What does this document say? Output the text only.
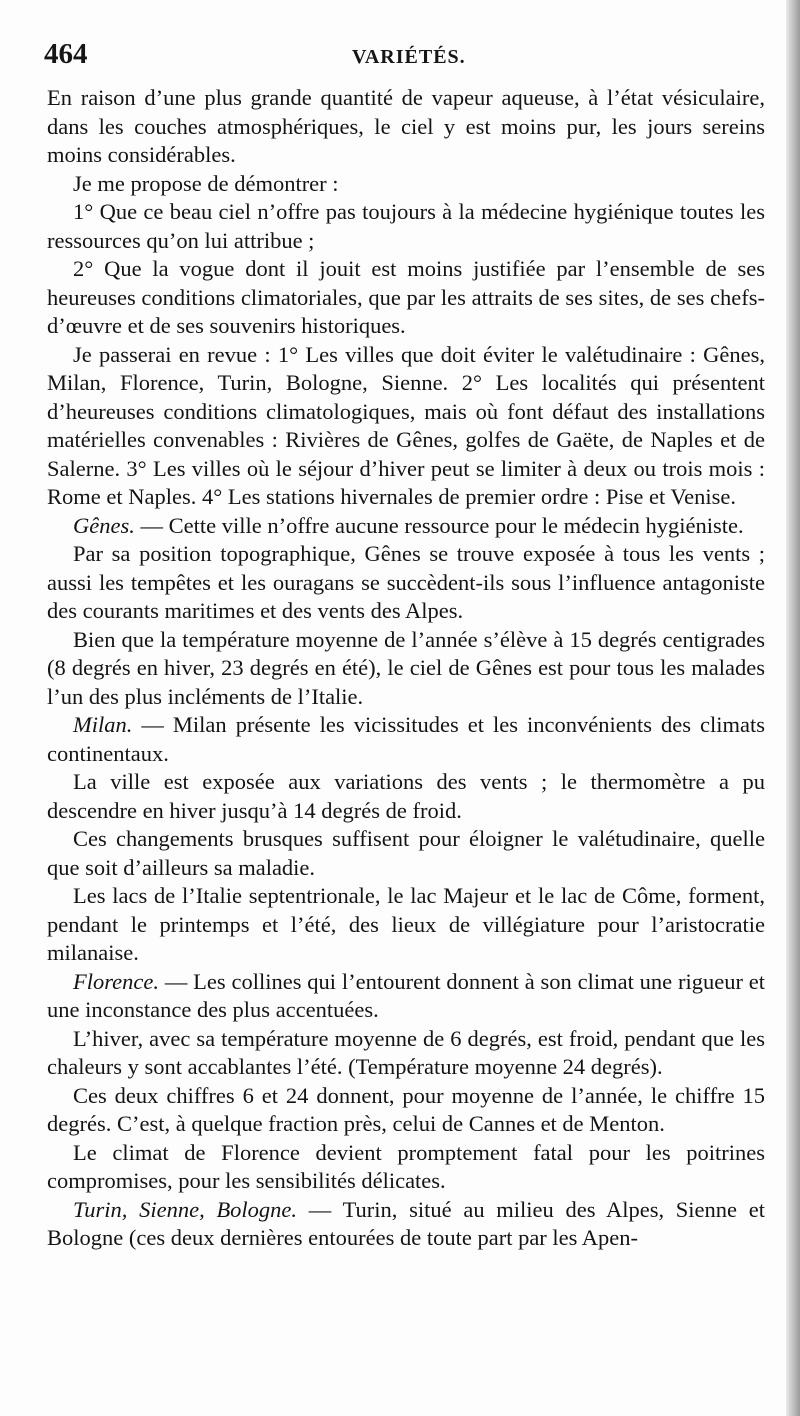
464	VARIÉTÉS.

En raison d’une plus grande quantité de vapeur aqueuse, à l’état vésiculaire, dans les couches atmosphériques, le ciel y est moins pur, les jours sereins moins considérables.

Je me propose de démontrer :

1° Que ce beau ciel n’offre pas toujours à la médecine hygiénique toutes les ressources qu’on lui attribue ;

2° Que la vogue dont il jouit est moins justifiée par l’ensemble de ses heureuses conditions climatoriales, que par les attraits de ses sites, de ses chefs-d’œuvre et de ses souvenirs historiques.

Je passerai en revue : 1° Les villes que doit éviter le valétudinaire : Gênes, Milan, Florence, Turin, Bologne, Sienne. 2° Les localités qui présentent d’heureuses conditions climatologiques, mais où font défaut des installations matérielles convenables : Rivières de Gênes, golfes de Gaëte, de Naples et de Salerne. 3° Les villes où le séjour d’hiver peut se limiter à deux ou trois mois : Rome et Naples. 4° Les stations hivernales de premier ordre : Pise et Venise.

Gênes. — Cette ville n’offre aucune ressource pour le médecin hygiéniste.

Par sa position topographique, Gênes se trouve exposée à tous les vents ; aussi les tempêtes et les ouragans se succèdent-ils sous l’influence antagoniste des courants maritimes et des vents des Alpes.

Bien que la température moyenne de l’année s’élève à 15 degrés centigrades (8 degrés en hiver, 23 degrés en été), le ciel de Gênes est pour tous les malades l’un des plus incléments de l’Italie.

Milan. — Milan présente les vicissitudes et les inconvénients des climats continentaux.

La ville est exposée aux variations des vents ; le thermomètre a pu descendre en hiver jusqu’à 14 degrés de froid.

Ces changements brusques suffisent pour éloigner le valétudinaire, quelle que soit d’ailleurs sa maladie.

Les lacs de l’Italie septentrionale, le lac Majeur et le lac de Côme, forment, pendant le printemps et l’été, des lieux de villégiature pour l’aristocratie milanaise.

Florence. — Les collines qui l’entourent donnent à son climat une rigueur et une inconstance des plus accentuées.

L’hiver, avec sa température moyenne de 6 degrés, est froid, pendant que les chaleurs y sont accablantes l’été. (Température moyenne 24 degrés).

Ces deux chiffres 6 et 24 donnent, pour moyenne de l’année, le chiffre 15 degrés. C’est, à quelque fraction près, celui de Cannes et de Menton.

Le climat de Florence devient promptement fatal pour les poitrines compromises, pour les sensibilités délicates.

Turin, Sienne, Bologne. — Turin, situé au milieu des Alpes, Sienne et Bologne (ces deux dernières entourées de toute part par les Apen-
